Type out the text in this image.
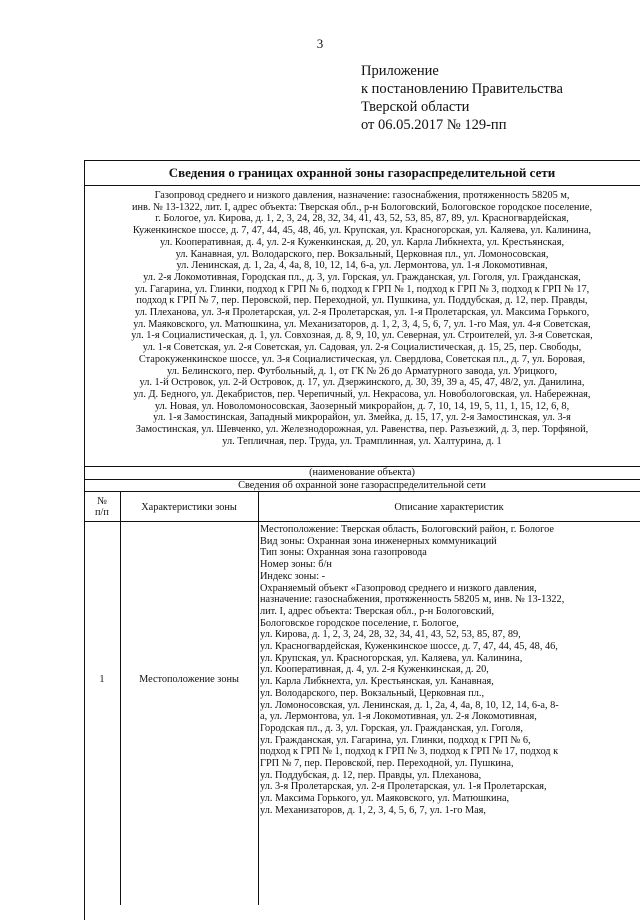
3
Приложение
к постановлению Правительства
Тверской области
от 06.05.2017 № 129-пп
Сведения о границах охранной зоны газораспределительной сети
Газопровод среднего и низкого давления, назначение: газоснабжения, протяженность 58205 м,
инв. № 13-1322, лит. I, адрес объекта: Тверская обл., р-н Бологовский, Бологовское городское поселение,
г. Бологое, ул. Кирова, д. 1, 2, 3, 24, 28, 32, 34, 41, 43, 52, 53, 85, 87, 89, ул. Красногвардейская,
Куженкинское шоссе, д. 7, 47, 44, 45, 48, 46, ул. Крупская, ул. Красногорская, ул. Каляева, ул. Калинина,
ул. Кооперативная, д. 4, ул. 2-я Куженкинская, д. 20, ул. Карла Либкнехта, ул. Крестьянская,
ул. Канавная, ул. Володарского, пер. Вокзальный, Церковная пл., ул. Ломоносовская,
ул. Ленинская, д. 1, 2а, 4, 4а, 8, 10, 12, 14, 6-а, ул. Лермонтова, ул. 1-я Локомотивная,
ул. 2-я Локомотивная, Городская пл., д. 3, ул. Горская, ул. Гражданская, ул. Гоголя, ул. Гражданская,
ул. Гагарина, ул. Глинки, подход к ГРП № 6, подход к ГРП № 1, подход к ГРП № 3, подход к ГРП № 17,
подход к ГРП № 7, пер. Перовской, пер. Переходной, ул. Пушкина, ул. Поддубская, д. 12, пер. Правды,
ул. Плеханова, ул. 3-я Пролетарская, ул. 2-я Пролетарская, ул. 1-я Пролетарская, ул. Максима Горького,
ул. Маяковского, ул. Матюшкина, ул. Механизаторов, д. 1, 2, 3, 4, 5, 6, 7, ул. 1-го Мая, ул. 4-я Советская,
ул. 1-я Социалистическая, д. 1, ул. Совхозная, д. 8, 9, 10, ул. Северная, ул. Строителей, ул. 3-я Советская,
ул. 1-я Советская, ул. 2-я Советская, ул. Садовая, ул. 2-я Социалистическая, д. 15, 25, пер. Свободы,
Старокуженкинское шоссе, ул. 3-я Социалистическая, ул. Свердлова, Советская пл., д. 7, ул. Боровая,
ул. Белинского, пер. Футбольный, д. 1, от ГК № 26 до Арматурного завода, ул. Урицкого,
ул. 1-й Островок, ул. 2-й Островок, д. 17, ул. Дзержинского, д. 30, 39, 39 а, 45, 47, 48/2, ул. Данилина,
ул. Д. Бедного, ул. Декабристов, пер. Черепичный, ул. Некрасова, ул. Новобологовская, ул. Набережная,
ул. Новая, ул. Новоломоносовская, Заозерный микрорайон, д. 7, 10, 14, 19, 5, 11, 1, 15, 12, 6, 8,
ул. 1-я Замостинская, Западный микрорайон, ул. Змейка, д. 15, 17, ул. 2-я Замостинская, ул. 3-я
Замостинская, ул. Шевченко, ул. Железнодорожная, ул. Равенства, пер. Разъезжий, д. 3, пер. Торфяной,
ул. Тепличная, пер. Труда, ул. Трамплинная, ул. Халтурина, д. 1
(наименование объекта)
Сведения об охранной зоне газораспределительной сети
№
п/п	Характеристики зоны	Описание характеристик
1	Местоположение зоны
Местоположение: Тверская область, Бологовский район, г. Бологое
Вид зоны: Охранная зона инженерных коммуникаций
Тип зоны: Охранная зона газопровода
Номер зоны: б/н
Индекс зоны: -
Охраняемый объект «Газопровод среднего и низкого давления,
назначение: газоснабжения, протяженность 58205 м, инв. № 13-1322,
лит. I, адрес объекта: Тверская обл., р-н Бологовский,
Бологовское городское поселение, г. Бологое,
ул. Кирова, д. 1, 2, 3, 24, 28, 32, 34, 41, 43, 52, 53, 85, 87, 89,
ул. Красногвардейская, Куженкинское шоссе, д. 7, 47, 44, 45, 48, 46,
ул. Крупская, ул. Красногорская, ул. Каляева, ул. Калинина,
ул. Кооперативная, д. 4, ул. 2-я Куженкинская, д. 20,
ул. Карла Либкнехта, ул. Крестьянская, ул. Канавная,
ул. Володарского, пер. Вокзальный, Церковная пл.,
ул. Ломоносовская, ул. Ленинская, д. 1, 2а, 4, 4а, 8, 10, 12, 14, 6-а, 8-
а, ул. Лермонтова, ул. 1-я Локомотивная, ул. 2-я Локомотивная,
Городская пл., д. 3, ул. Горская, ул. Гражданская, ул. Гоголя,
ул. Гражданская, ул. Гагарина, ул. Глинки, подход к ГРП № 6,
подход к ГРП № 1, подход к ГРП № 3, подход к ГРП № 17, подход к
ГРП № 7, пер. Перовской, пер. Переходной, ул. Пушкина,
ул. Поддубская, д. 12, пер. Правды, ул. Плеханова,
ул. 3-я Пролетарская, ул. 2-я Пролетарская, ул. 1-я Пролетарская,
ул. Максима Горького, ул. Маяковского, ул. Матюшкина,
ул. Механизаторов, д. 1, 2, 3, 4, 5, 6, 7, ул. 1-го Мая,
